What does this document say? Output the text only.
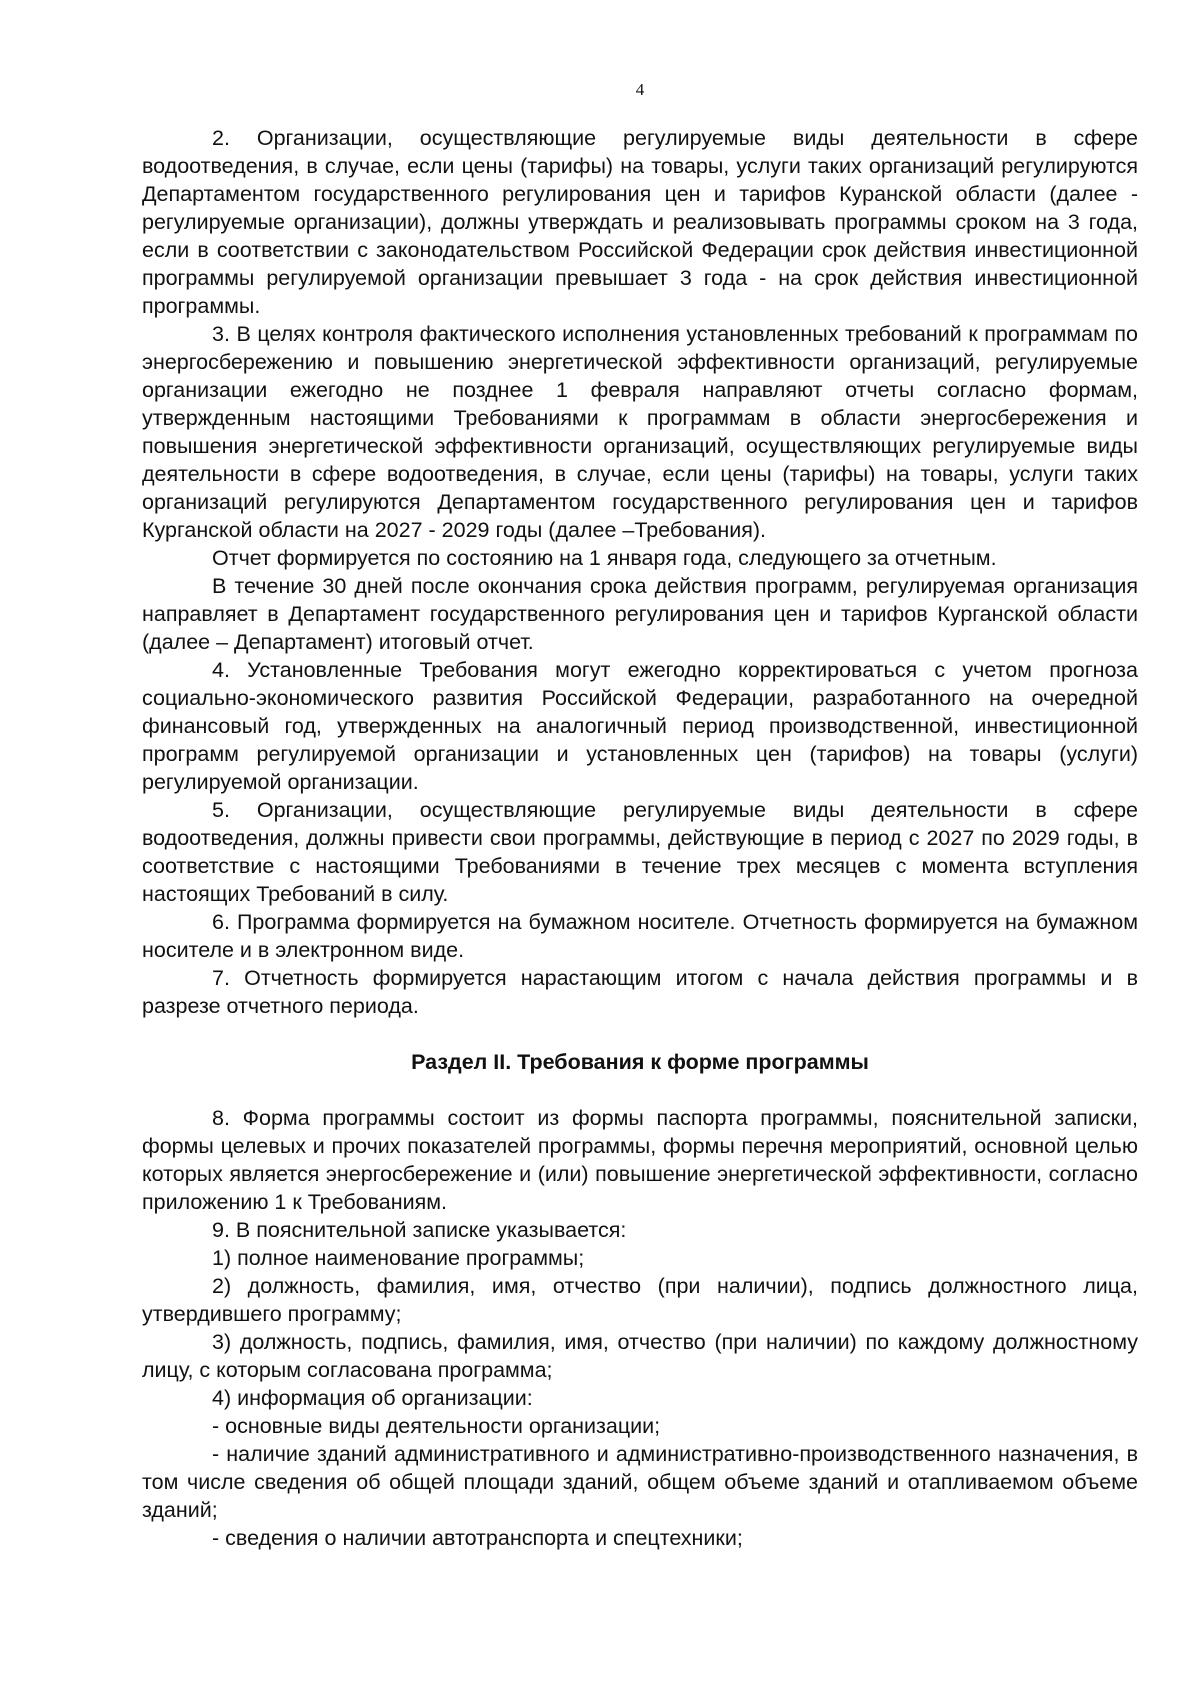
4

2. Организации, осуществляющие регулируемые виды деятельности в сфере водоотведения, в случае, если цены (тарифы) на товары, услуги таких организаций регулируются Департаментом государственного регулирования цен и тарифов Куранской области (далее - регулируемые организации), должны утверждать и реализовывать программы сроком на 3 года, если в соответствии с законодательством Российской Федерации срок действия инвестиционной программы регулируемой организации превышает 3 года - на срок действия инвестиционной программы.

3. В целях контроля фактического исполнения установленных требований к программам по энергосбережению и повышению энергетической эффективности организаций, регулируемые организации ежегодно не позднее 1 февраля направляют отчеты согласно формам, утвержденным настоящими Требованиями к программам в области энергосбережения и повышения энергетической эффективности организаций, осуществляющих регулируемые виды деятельности в сфере водоотведения, в случае, если цены (тарифы) на товары, услуги таких организаций регулируются Департаментом государственного регулирования цен и тарифов Курганской области на 2027 - 2029 годы (далее –Требования).

Отчет формируется по состоянию на 1 января года, следующего за отчетным.

В течение 30 дней после окончания срока действия программ, регулируемая организация направляет в Департамент государственного регулирования цен и тарифов Курганской области (далее – Департамент) итоговый отчет.

4. Установленные Требования могут ежегодно корректироваться с учетом прогноза социально-экономического развития Российской Федерации, разработанного на очередной финансовый год, утвержденных на аналогичный период производственной, инвестиционной программ регулируемой организации и установленных цен (тарифов) на товары (услуги) регулируемой организации.

5. Организации, осуществляющие регулируемые виды деятельности в сфере водоотведения, должны привести свои программы, действующие в период с 2027 по 2029 годы, в соответствие с настоящими Требованиями в течение трех месяцев с момента вступления настоящих Требований в силу.

6. Программа формируется на бумажном носителе. Отчетность формируется на бумажном носителе и в электронном виде.

7. Отчетность формируется нарастающим итогом с начала действия программы и в разрезе отчетного периода.

Раздел II. Требования к форме программы

8. Форма программы состоит из формы паспорта программы, пояснительной записки, формы целевых и прочих показателей программы, формы перечня мероприятий, основной целью которых является энергосбережение и (или) повышение энергетической эффективности, согласно приложению 1 к Требованиям.

9. В пояснительной записке указывается:

1) полное наименование программы;

2) должность, фамилия, имя, отчество (при наличии), подпись должностного лица, утвердившего программу;

3) должность, подпись, фамилия, имя, отчество (при наличии) по каждому должностному лицу, с которым согласована программа;

4) информация об организации:

- основные виды деятельности организации;

- наличие зданий административного и административно-производственного назначения, в том числе сведения об общей площади зданий, общем объеме зданий и отапливаемом объеме зданий;

- сведения о наличии автотранспорта и спецтехники;
